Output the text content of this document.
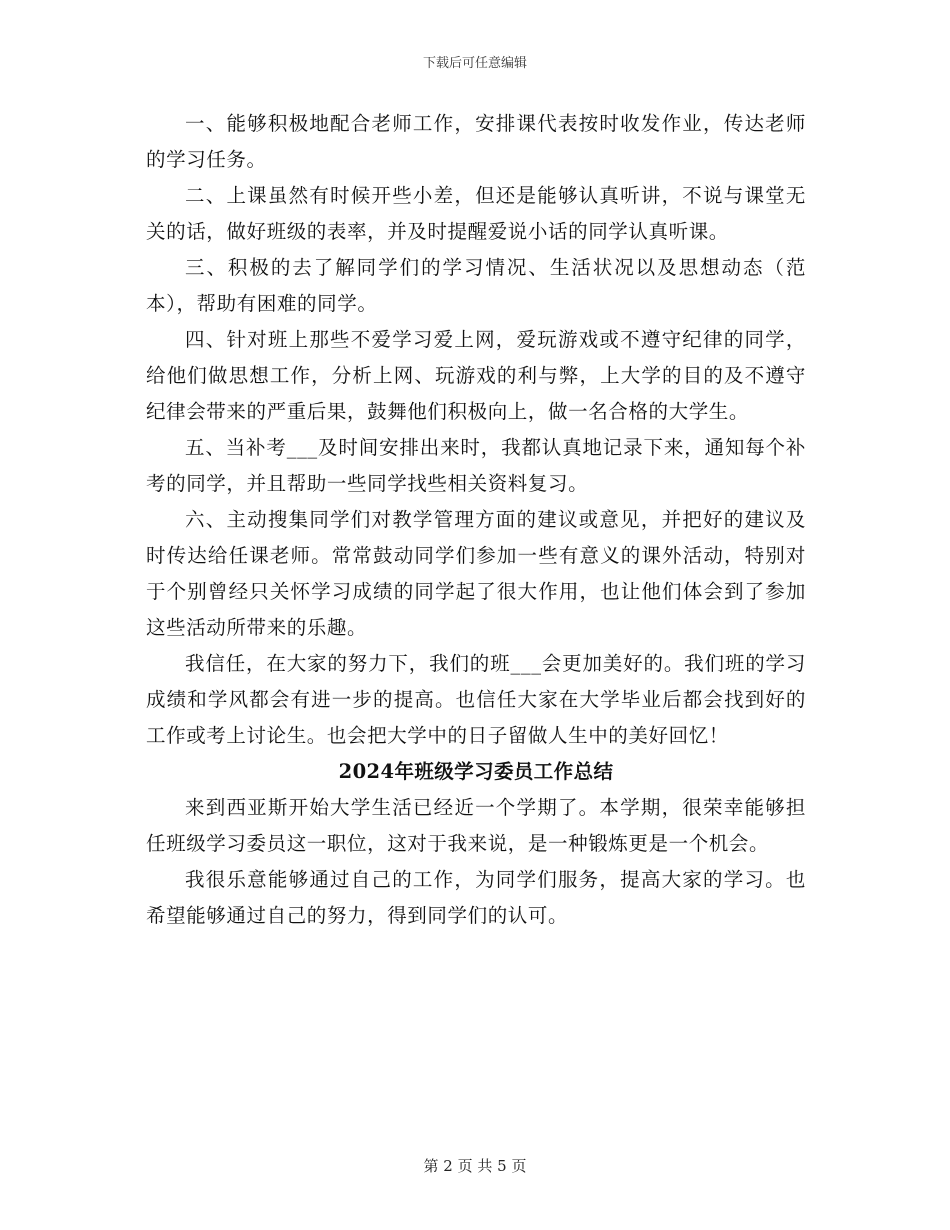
下载后可任意编辑

一、能够积极地配合老师工作，安排课代表按时收发作业，传达老师的学习任务。

二、上课虽然有时候开些小差，但还是能够认真听讲，不说与课堂无关的话，做好班级的表率，并及时提醒爱说小话的同学认真听课。

三、积极的去了解同学们的学习情况、生活状况以及思想动态（范本），帮助有困难的同学。

四、针对班上那些不爱学习爱上网，爱玩游戏或不遵守纪律的同学，给他们做思想工作，分析上网、玩游戏的利与弊，上大学的目的及不遵守纪律会带来的严重后果，鼓舞他们积极向上，做一名合格的大学生。

五、当补考___及时间安排出来时，我都认真地记录下来，通知每个补考的同学，并且帮助一些同学找些相关资料复习。

六、主动搜集同学们对教学管理方面的建议或意见，并把好的建议及时传达给任课老师。常常鼓动同学们参加一些有意义的课外活动，特别对于个别曾经只关怀学习成绩的同学起了很大作用，也让他们体会到了参加这些活动所带来的乐趣。

我信任，在大家的努力下，我们的班___会更加美好的。我们班的学习成绩和学风都会有进一步的提高。也信任大家在大学毕业后都会找到好的工作或考上讨论生。也会把大学中的日子留做人生中的美好回忆！

2024年班级学习委员工作总结

来到西亚斯开始大学生活已经近一个学期了。本学期，很荣幸能够担任班级学习委员这一职位，这对于我来说，是一种锻炼更是一个机会。

我很乐意能够通过自己的工作，为同学们服务，提高大家的学习。也希望能够通过自己的努力，得到同学们的认可。

第 2 页 共 5 页
